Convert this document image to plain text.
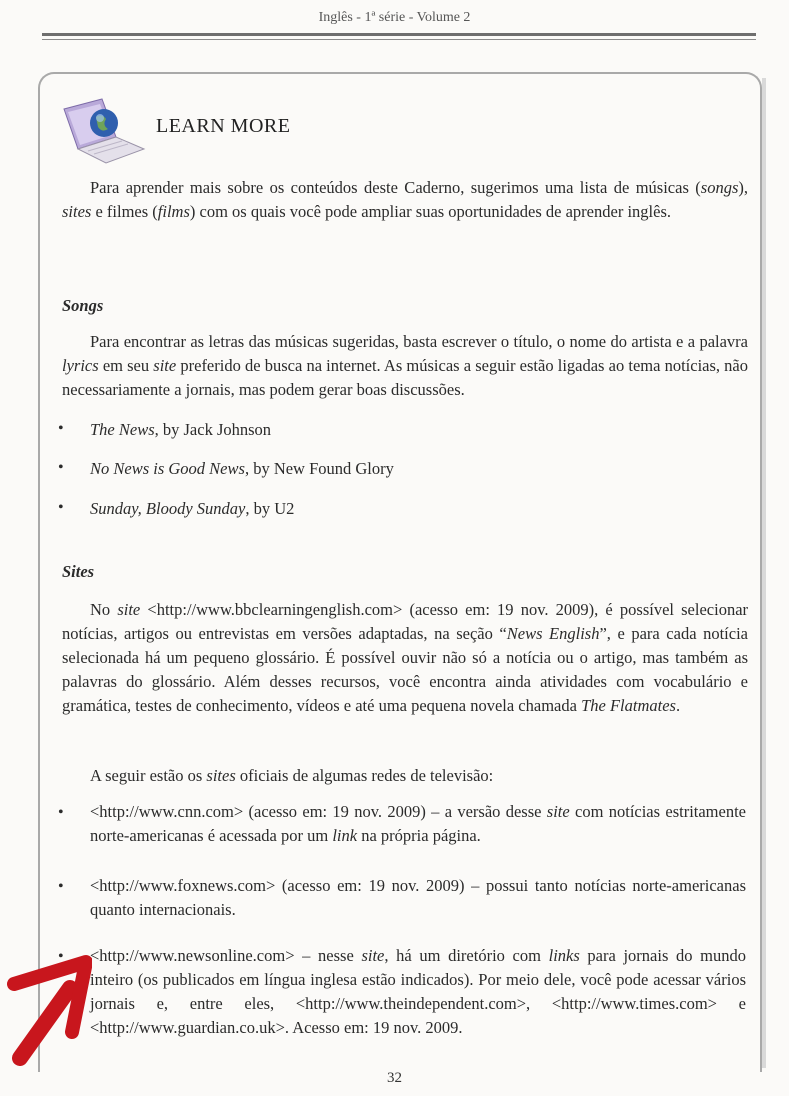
Inglês - 1ª série - Volume 2
LEARN MORE

Para aprender mais sobre os conteúdos deste Caderno, sugerimos uma lista de músicas (songs), sites e filmes (films) com os quais você pode ampliar suas oportunidades de aprender inglês.

Songs

Para encontrar as letras das músicas sugeridas, basta escrever o título, o nome do artista e a palavra lyrics em seu site preferido de busca na internet. As músicas a seguir estão ligadas ao tema notícias, não necessariamente a jornais, mas podem gerar boas discussões.

• The News, by Jack Johnson
• No News is Good News, by New Found Glory
• Sunday, Bloody Sunday, by U2
Sites

No site <http://www.bbclearningenglish.com> (acesso em: 19 nov. 2009), é possível selecionar notícias, artigos ou entrevistas em versões adaptadas, na seção “News English”, e para cada notícia selecionada há um pequeno glossário. É possível ouvir não só a notícia ou o artigo, mas também as palavras do glossário. Além desses recursos, você encontra ainda atividades com vocabulário e gramática, testes de conhecimento, vídeos e até uma pequena novela chamada The Flatmates.

A seguir estão os sites oficiais de algumas redes de televisão:

• <http://www.cnn.com> (acesso em: 19 nov. 2009) – a versão desse site com notícias estritamente norte-americanas é acessada por um link na própria página.
• <http://www.foxnews.com> (acesso em: 19 nov. 2009) – possui tanto notícias norte-americanas quanto internacionais.
• <http://www.newsonline.com> – nesse site, há um diretório com links para jornais do mundo inteiro (os publicados em língua inglesa estão indicados). Por meio dele, você pode acessar vários jornais e, entre eles, <http://www.theindependent.com>, <http://www.times.com> e <http://www.guardian.co.uk>. Acesso em: 19 nov. 2009.
32
